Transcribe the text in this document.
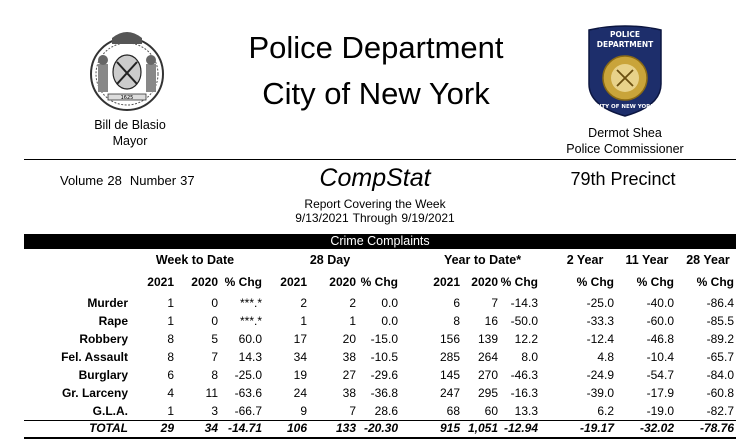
1625
POLICE
DEPARTMENT
CITY OF NEW YORK
Police Department
City of New York
Bill de Blasio
Mayor
Dermot Shea
Police Commissioner
Volume 28 Number 37	CompStat	79th Precinct
Report Covering the Week
9/13/2021 Through 9/19/2021
Crime Complaints
Week to Date	28 Day	Year to Date*	2 Year	11 Year	28 Year
2021	2020 % Chg	2021	2020 % Chg	2021 2020 % Chg	% Chg	% Chg	% Chg
Murder	1	0	***.*	2	2	0.0	6	7	-14.3	-25.0	-40.0	-86.4
Rape	1	0	***.*	1	1	0.0	8	16	-50.0	-33.3	-60.0	-85.5
Robbery	8	5	60.0	17	20	-15.0	156	139	12.2	-12.4	-46.8	-89.2
Fel. Assault	8	7	14.3	34	38	-10.5	285	264	8.0	4.8	-10.4	-65.7
Burglary	6	8	-25.0	19	27	-29.6	145	270	-46.3	-24.9	-54.7	-84.0
Gr. Larceny	4	11	-63.6	24	38	-36.8	247	295	-16.3	-39.0	-17.9	-60.8
G.L.A.	1	3	-66.7	9	7	28.6	68	60	13.3	6.2	-19.0	-82.7
TOTAL	29	34 -14.71	106	133 -20.30	915 1,051 -12.94	-19.17	-32.02	-78.76
